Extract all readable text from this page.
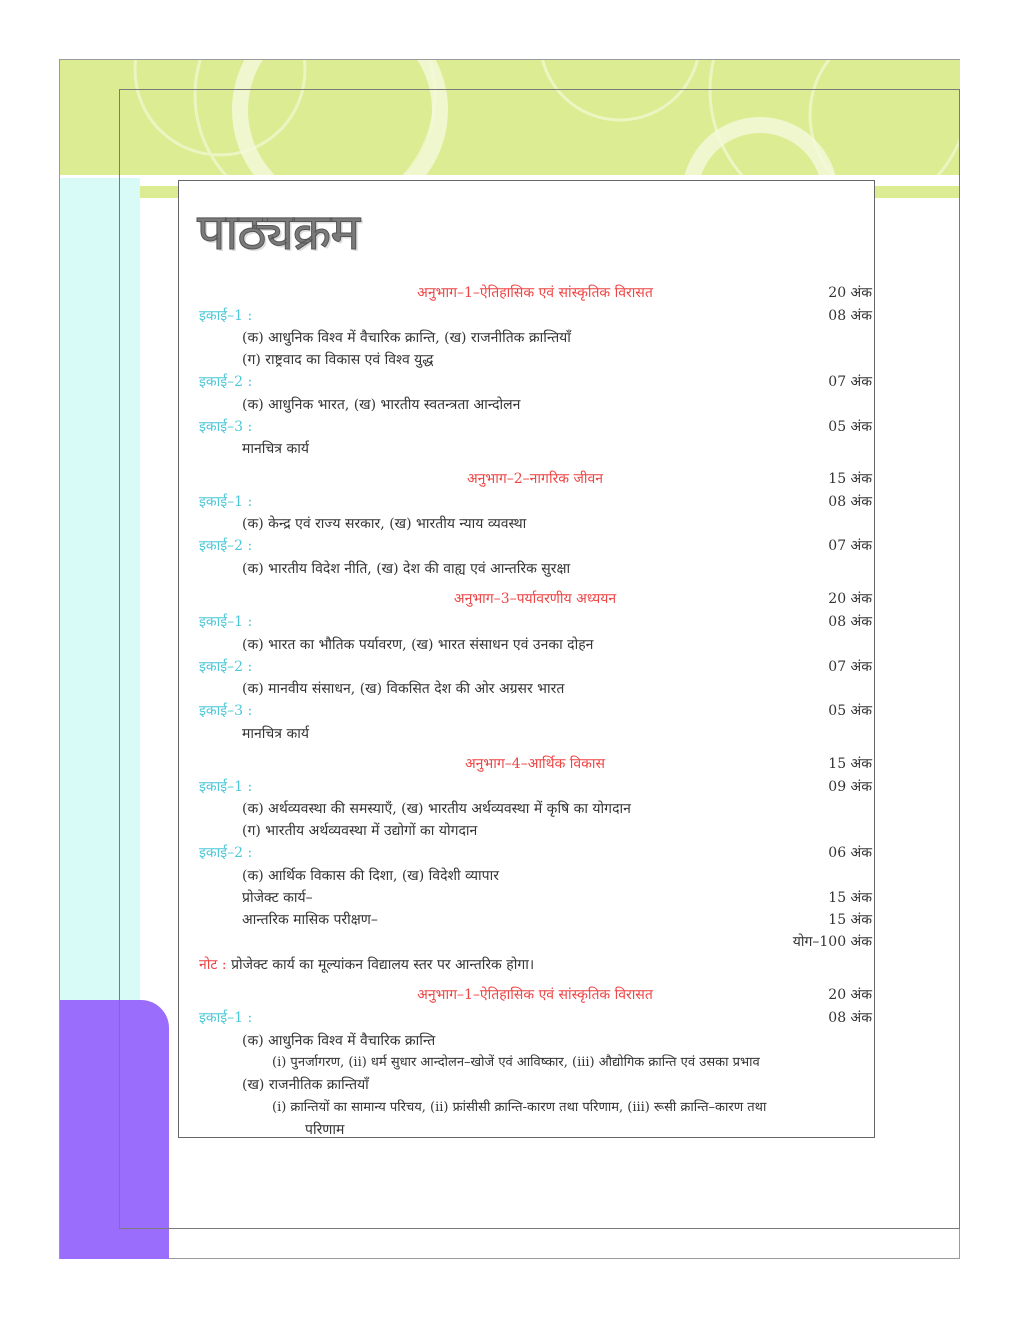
पाठ्यक्रम
अनुभाग–1–ऐतिहासिक एवं सांस्कृतिक विरासत	20 अंक
इकाई–1 :	08 अंक
(क) आधुनिक विश्व में वैचारिक क्रान्ति, (ख) राजनीतिक क्रान्तियाँ
(ग) राष्ट्रवाद का विकास एवं विश्व युद्ध
इकाई–2 :	07 अंक
(क) आधुनिक भारत, (ख) भारतीय स्वतन्त्रता आन्दोलन
इकाई–3 :	05 अंक
मानचित्र कार्य
अनुभाग–2–नागरिक जीवन	15 अंक
इकाई–1 :	08 अंक
(क) केन्द्र एवं राज्य सरकार, (ख) भारतीय न्याय व्यवस्था
इकाई–2 :	07 अंक
(क) भारतीय विदेश नीति, (ख) देश की वाह्य एवं आन्तरिक सुरक्षा
अनुभाग–3–पर्यावरणीय अध्ययन	20 अंक
इकाई–1 :	08 अंक
(क) भारत का भौतिक पर्यावरण, (ख) भारत संसाधन एवं उनका दोहन
इकाई–2 :	07 अंक
(क) मानवीय संसाधन, (ख) विकसित देश की ओर अग्रसर भारत
इकाई–3 :	05 अंक
मानचित्र कार्य
अनुभाग–4–आर्थिक विकास	15 अंक
इकाई–1 :	09 अंक
(क) अर्थव्यवस्था की समस्याएँ, (ख) भारतीय अर्थव्यवस्था में कृषि का योगदान
(ग) भारतीय अर्थव्यवस्था में उद्योगों का योगदान
इकाई–2 :	06 अंक
(क) आर्थिक विकास की दिशा, (ख) विदेशी व्यापार
प्रोजेक्ट कार्य–	15 अंक
आन्तरिक मासिक परीक्षण–	15 अंक
योग–100 अंक
नोट : प्रोजेक्ट कार्य का मूल्यांकन विद्यालय स्तर पर आन्तरिक होगा।
अनुभाग–1–ऐतिहासिक एवं सांस्कृतिक विरासत	20 अंक
इकाई–1 :	08 अंक
(क) आधुनिक विश्व में वैचारिक क्रान्ति
(i) पुनर्जागरण, (ii) धर्म सुधार आन्दोलन–खोजें एवं आविष्कार, (iii) औद्योगिक क्रान्ति एवं उसका प्रभाव
(ख) राजनीतिक क्रान्तियाँ
(i) क्रान्तियों का सामान्य परिचय, (ii) फ्रांसीसी क्रान्ति-कारण तथा परिणाम, (iii) रूसी क्रान्ति–कारण तथा
परिणाम
